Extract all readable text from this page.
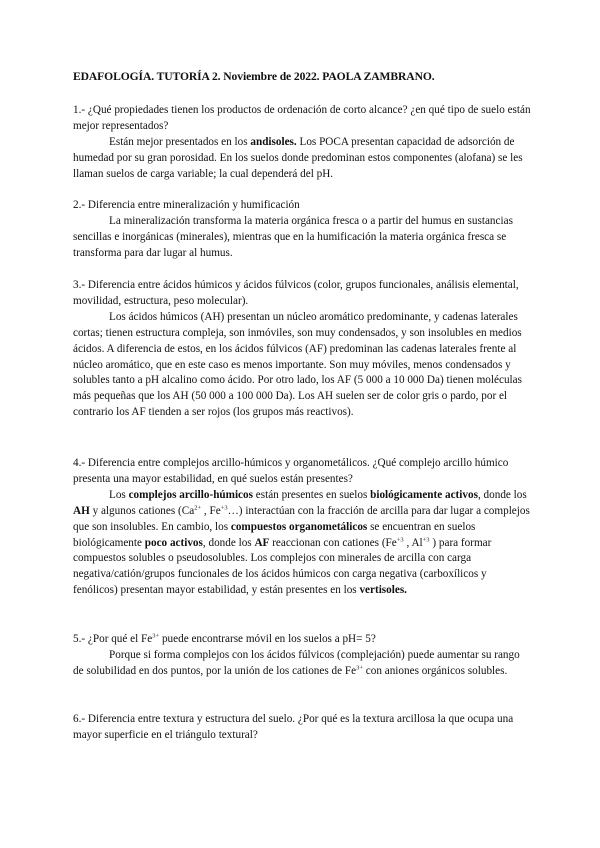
EDAFOLOGÍA. TUTORÍA 2. Noviembre de 2022. PAOLA ZAMBRANO.

1.- ¿Qué propiedades tienen los productos de ordenación de corto alcance? ¿en qué tipo de suelo están mejor representados?

Están mejor presentados en los andisoles. Los POCA presentan capacidad de adsorción de humedad por su gran porosidad. En los suelos donde predominan estos componentes (alofana) se les llaman suelos de carga variable; la cual dependerá del pH.

2.- Diferencia entre mineralización y humificación

La mineralización transforma la materia orgánica fresca o a partir del humus en sustancias sencillas e inorgánicas (minerales), mientras que en la humificación la materia orgánica fresca se transforma para dar lugar al humus.

3.- Diferencia entre ácidos húmicos y ácidos fúlvicos (color, grupos funcionales, análisis elemental, movilidad, estructura, peso molecular).

Los ácidos húmicos (AH) presentan un núcleo aromático predominante, y cadenas laterales cortas; tienen estructura compleja, son inmóviles, son muy condensados, y son insolubles en medios ácidos. A diferencia de estos, en los ácidos fúlvicos (AF) predominan las cadenas laterales frente al núcleo aromático, que en este caso es menos importante. Son muy móviles, menos condensados y solubles tanto a pH alcalino como ácido. Por otro lado, los AF (5 000 a 10 000 Da) tienen moléculas más pequeñas que los AH (50 000 a 100 000 Da). Los AH suelen ser de color gris o pardo, por el contrario los AF tienden a ser rojos (los grupos más reactivos).

4.- Diferencia entre complejos arcillo-húmicos y organometálicos. ¿Qué complejo arcillo húmico presenta una mayor estabilidad, en qué suelos están presentes?

Los complejos arcillo-húmicos están presentes en suelos biológicamente activos, donde los AH y algunos cationes ($Ca^{2+}$ , $Fe^{+3}\dots$) interactúan con la fracción de arcilla para dar lugar a complejos que son insolubles. En cambio, los compuestos organometálicos se encuentran en suelos biológicamente poco activos, donde los AF reaccionan con cationes ($Fe^{+3}$ , $Al^{+3}$ ) para formar compuestos solubles o pseudosolubles. Los complejos con minerales de arcilla con carga negativa/catión/grupos funcionales de los ácidos húmicos con carga negativa (carboxílicos y fenólicos) presentan mayor estabilidad, y están presentes en los vertisoles.

5.- ¿Por qué el $Fe^{3+}$ puede encontrarse móvil en los suelos a pH= 5?

Porque si forma complejos con los ácidos fúlvicos (complejación) puede aumentar su rango de solubilidad en dos puntos, por la unión de los cationes de $Fe^{3+}$ con aniones orgánicos solubles.

6.- Diferencia entre textura y estructura del suelo. ¿Por qué es la textura arcillosa la que ocupa una mayor superficie en el triángulo textural?
